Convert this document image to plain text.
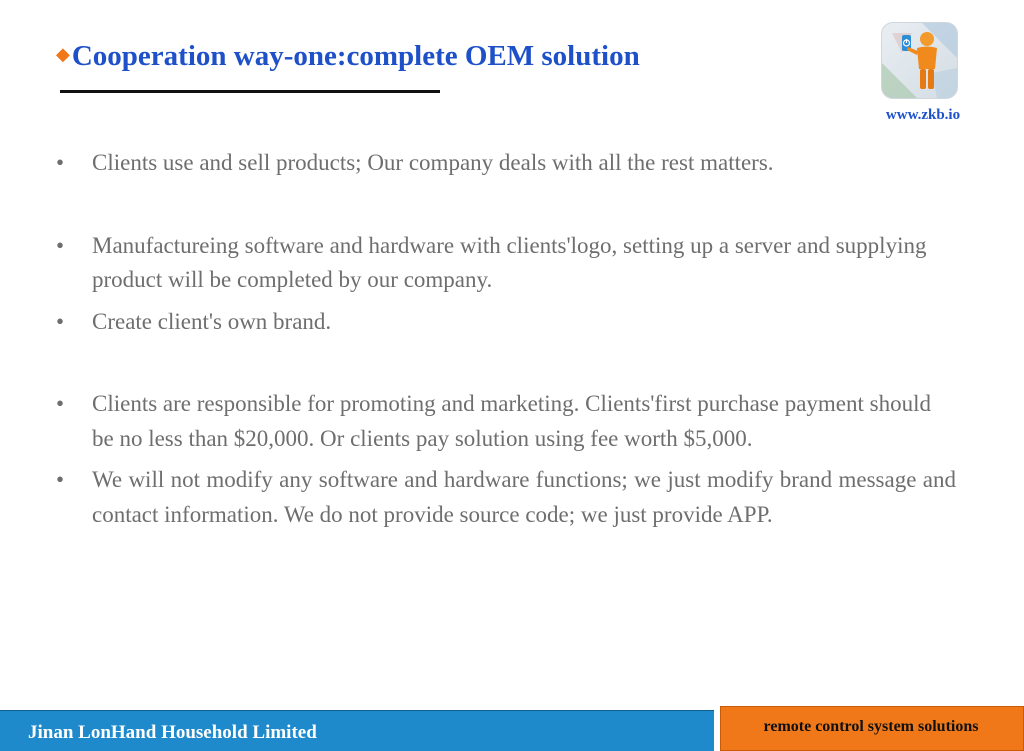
◆Cooperation way-one:complete OEM solution
www.zkb.io
•	Clients use and sell products; Our company deals with all the rest matters.
•	Manufactureing software and hardware with clients'logo, setting up a server and supplying product will be completed by our company.
•	Create client's own brand.
•	Clients are responsible for promoting and marketing. Clients'first purchase payment should be no less than $20,000. Or clients pay solution using fee worth $5,000.
•	We will not modify any software and hardware functions; we just modify brand message and contact information. We do not provide source code; we just provide APP.
Jinan LonHand Household Limited	remote control system solutions
